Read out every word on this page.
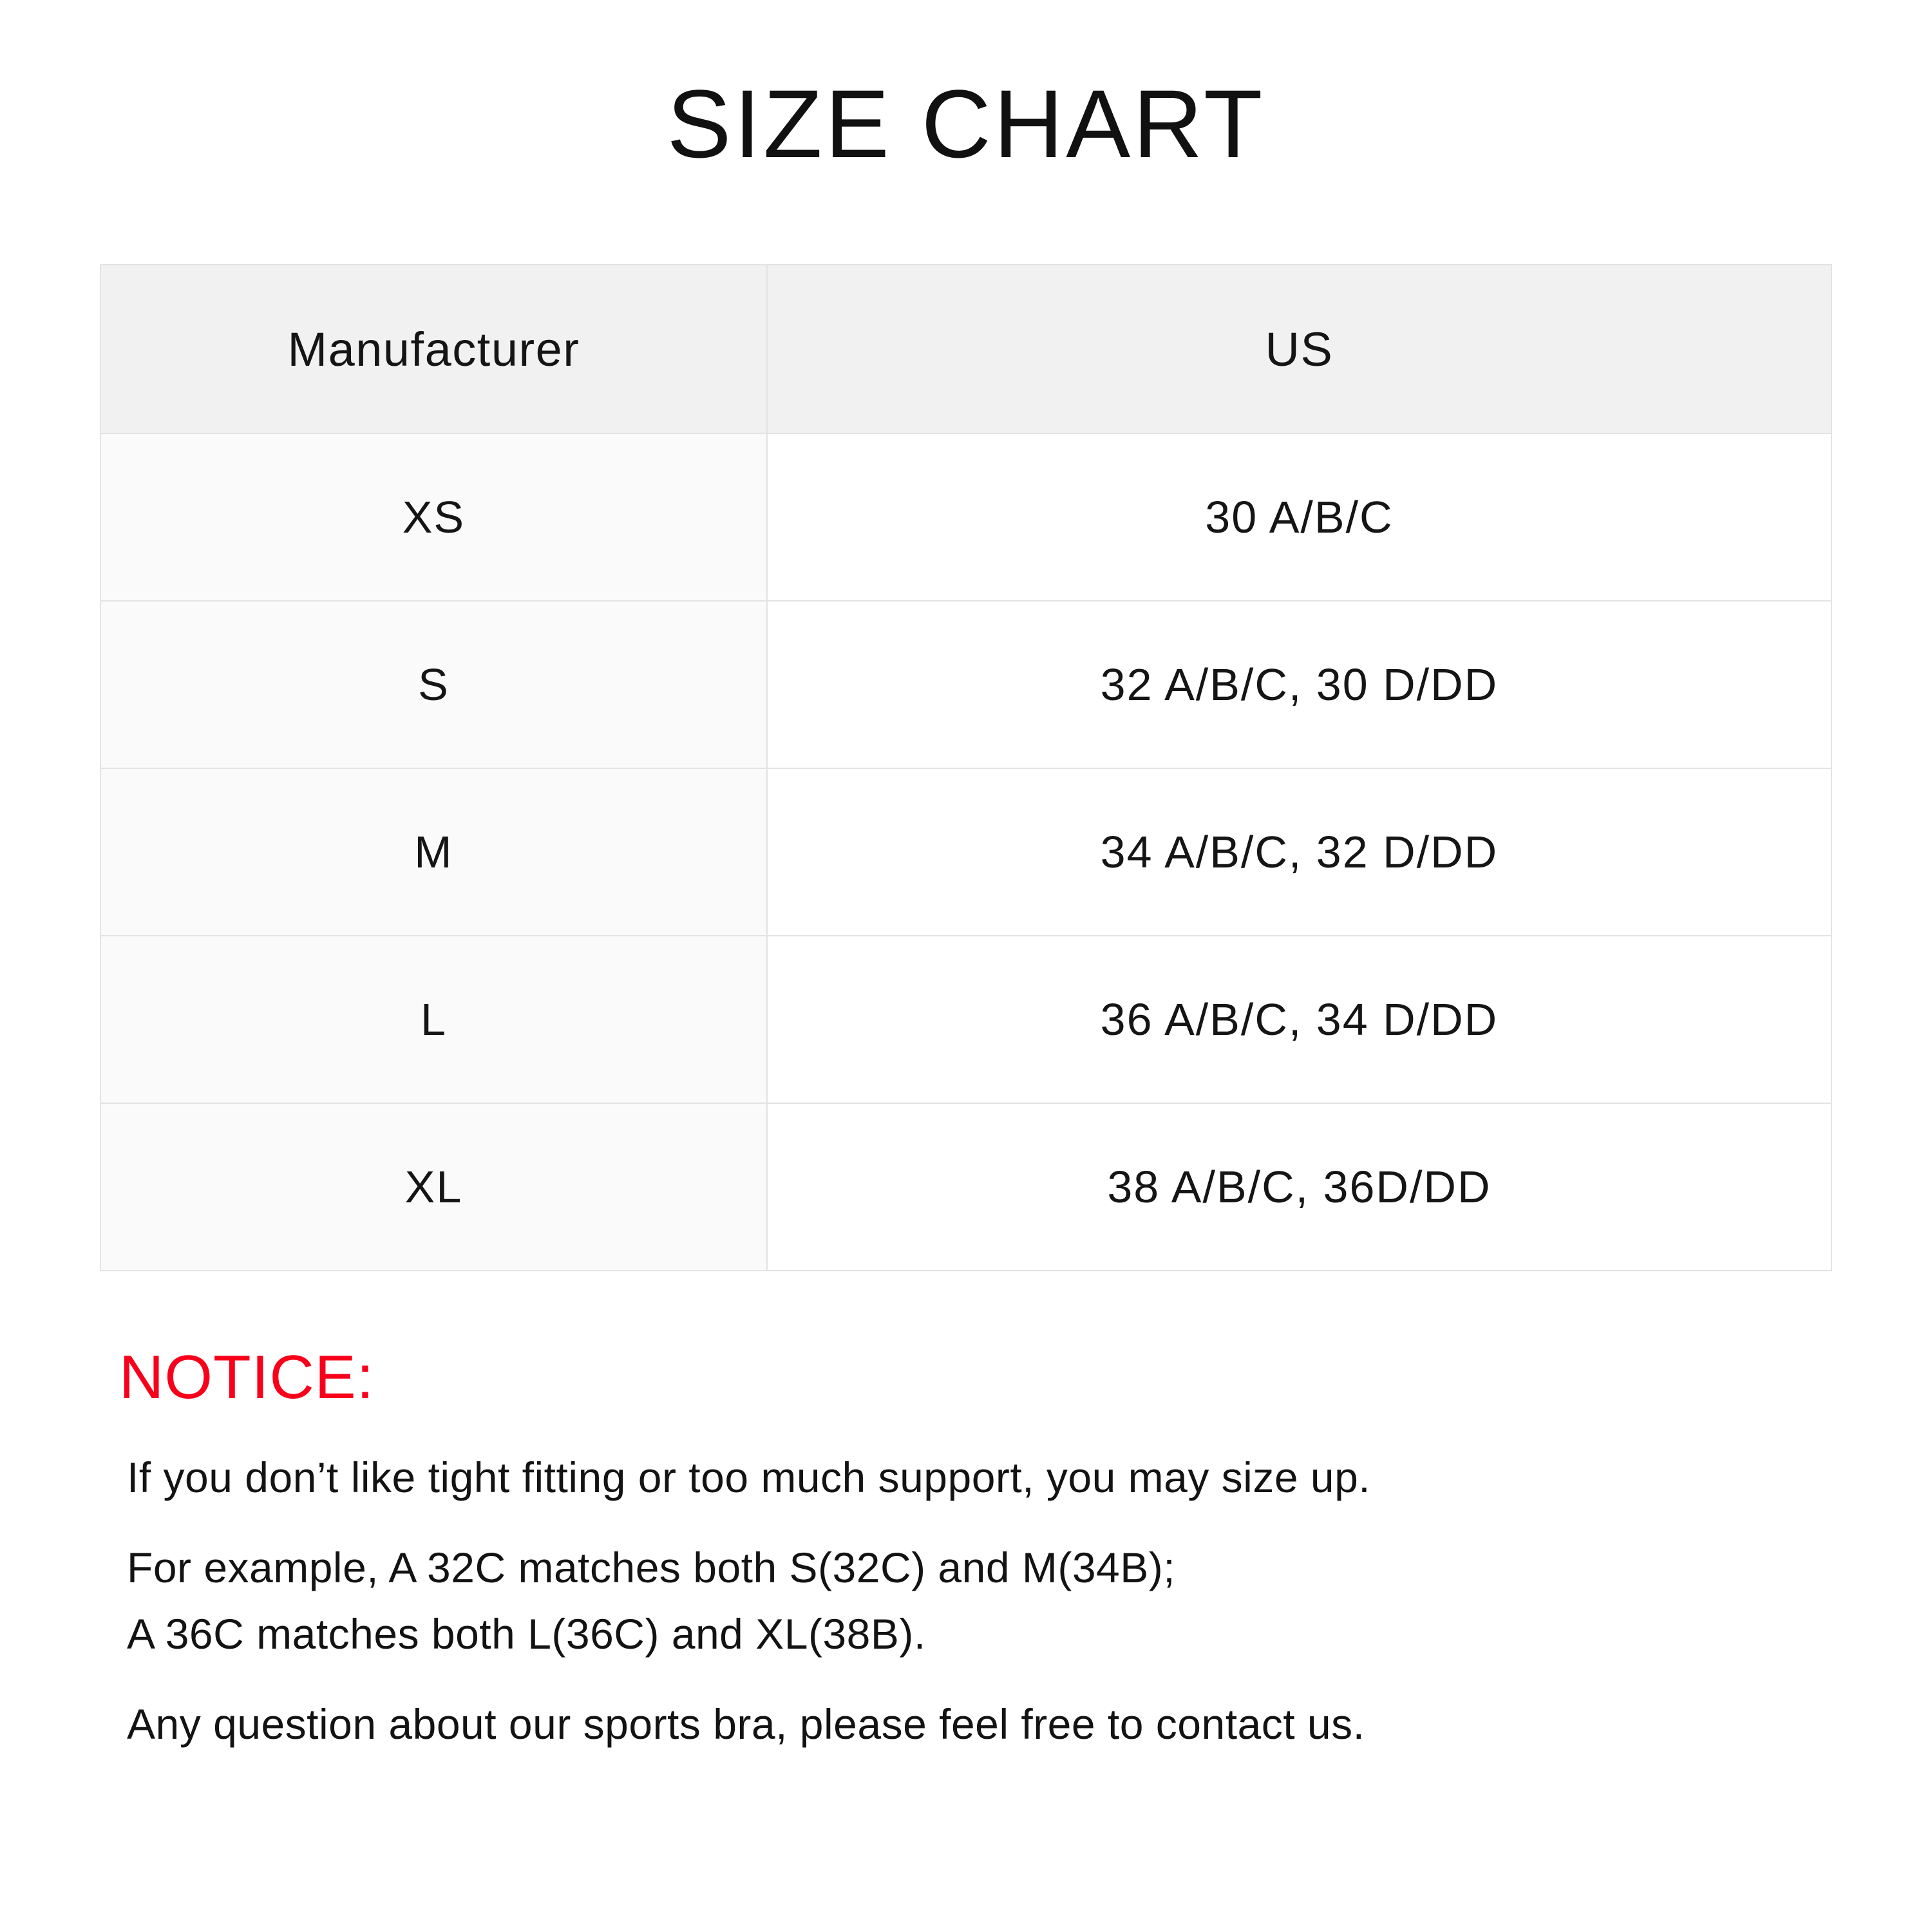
SIZE CHART
Manufacturer	US
XS	30 A/B/C
S	32 A/B/C, 30 D/DD
M	34 A/B/C, 32 D/DD
L	36 A/B/C, 34 D/DD
XL	38 A/B/C, 36D/DD
NOTICE:

If you don’t like tight fitting or too much support, you may size up.

For example, A 32C matches both S(32C) and M(34B);
A 36C matches both L(36C) and XL(38B).

Any question about our sports bra, please feel free to contact us.
